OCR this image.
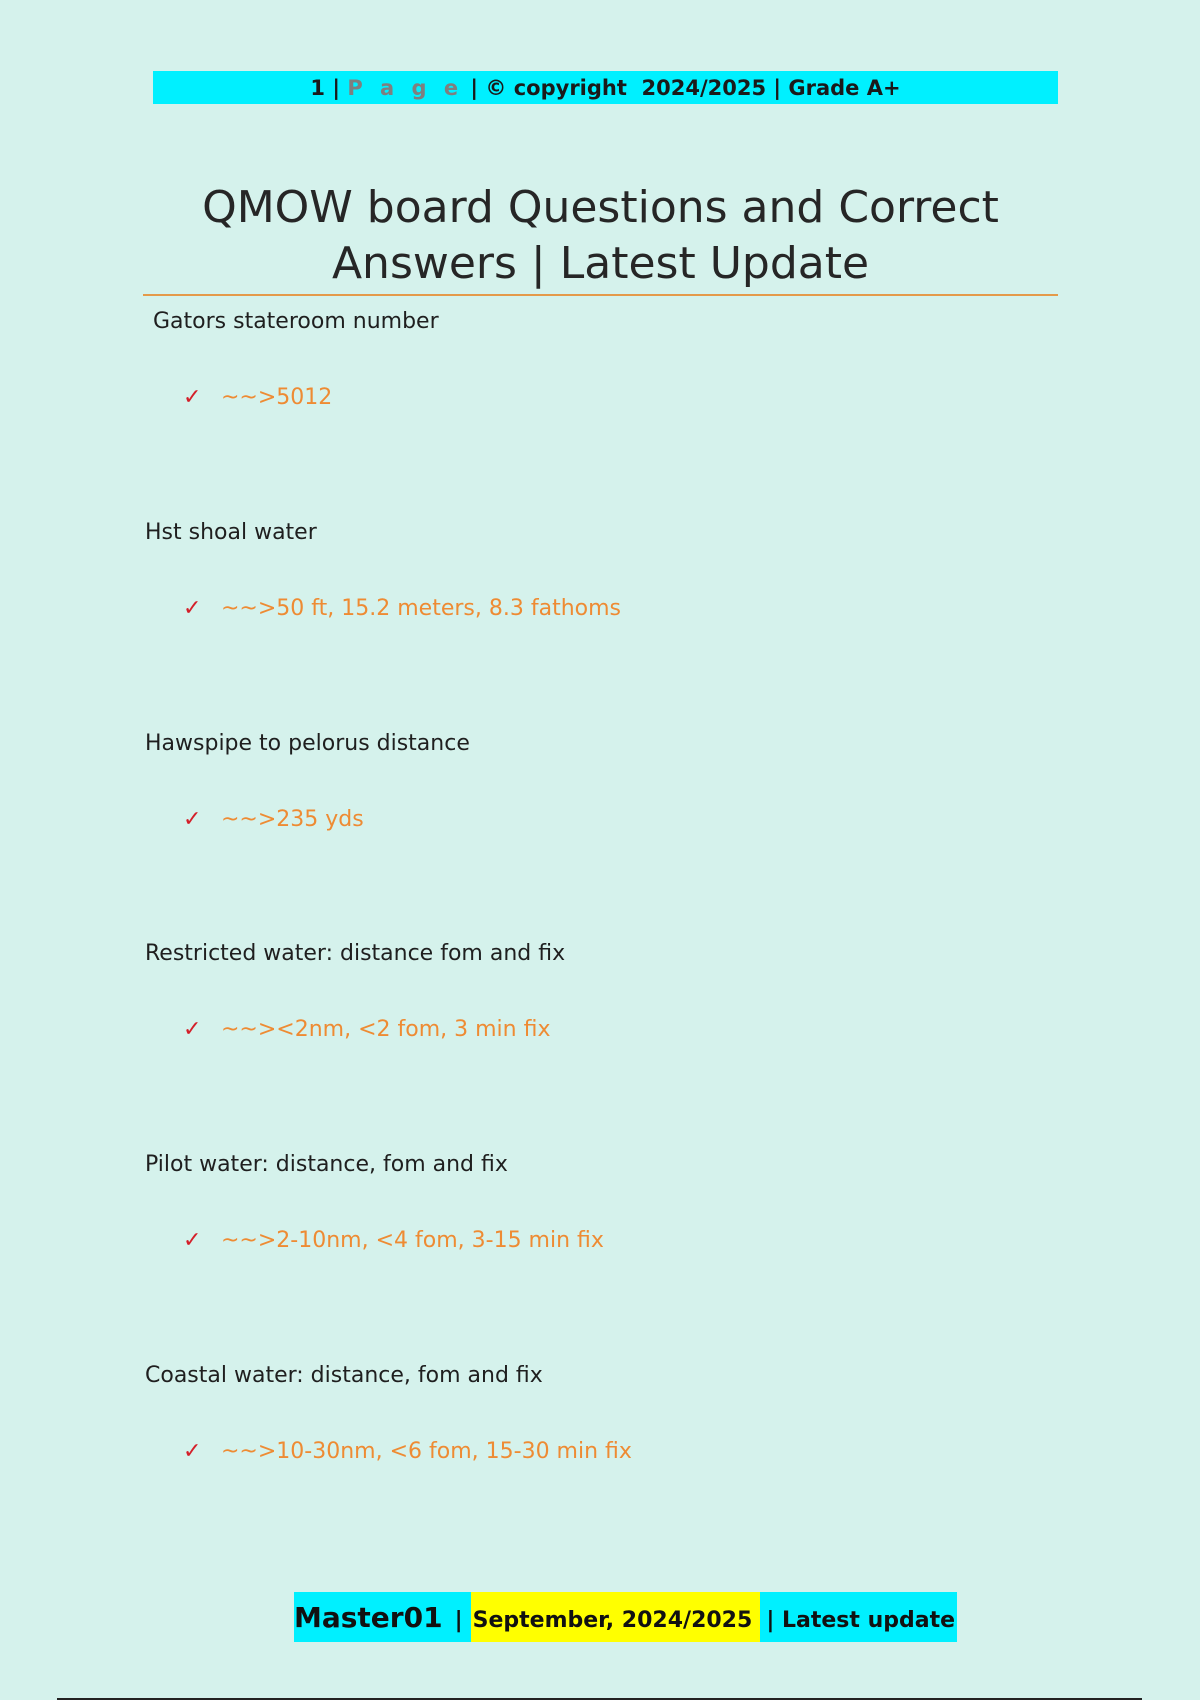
1 | P a g e | © copyright  2024/2025 | Grade A+
QMOW board Questions and Correct
Answers | Latest Update
Gators stateroom number
✓ ~~>5012
Hst shoal water
✓ ~~>50 ft, 15.2 meters, 8.3 fathoms
Hawspipe to pelorus distance
✓ ~~>235 yds
Restricted water: distance fom and fix
✓ ~~><2nm, <2 fom, 3 min fix
Pilot water: distance, fom and fix
✓ ~~>2-10nm, <4 fom, 3-15 min fix
Coastal water: distance, fom and fix
✓ ~~>10-30nm, <6 fom, 15-30 min fix
Master01 | September, 2024/2025 | Latest update
